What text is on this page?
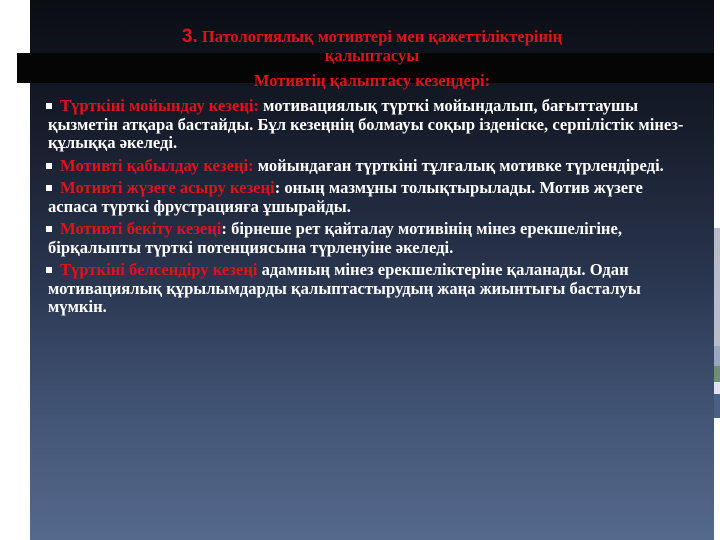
3. Патологиялық мотивтері мен қажеттіліктерінің
қалыптасуы

Мотивтің қалыптасу кезеңдері:

Түрткіні мойындау кезеңі: мотивациялық түрткі мойындалып, бағыттаушы қызметін атқара бастайды. Бұл кезеңнің болмауы соқыр ізденіске, серпілістік мінез-құлыққа әкеледі.

Мотивті қабылдау кезеңі: мойындаған түрткіні тұлғалық мотивке түрлендіреді.

Мотивті жүзеге асыру кезеңі: оның мазмұны толықтырылады. Мотив жүзеге аспаса түрткі фрустрацияға ұшырайды.

Мотивті бекіту кезеңі: бірнеше рет қайталау мотивінің мінез ерекшелігіне, бірқалыпты түрткі потенциясына түрленуіне әкеледі.

Түрткіні белсендіру кезеңі адамның мінез ерекшеліктеріне қаланады. Одан мотивациялық құрылымдарды қалыптастырудың жаңа жиынтығы басталуы мүмкін.
